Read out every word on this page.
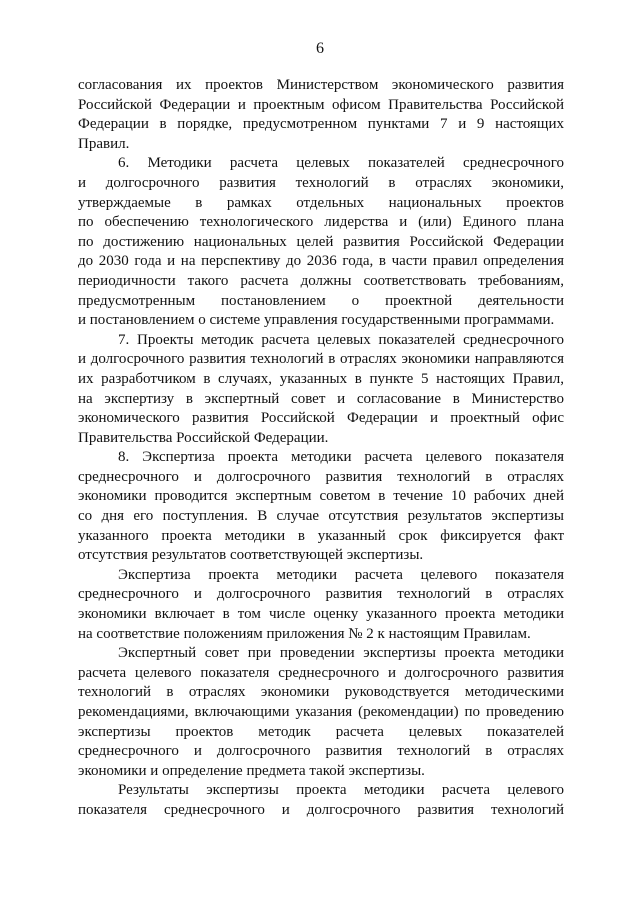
6
согласования их проектов Министерством экономического развития
Российской Федерации и проектным офисом Правительства Российской
Федерации в порядке, предусмотренном пунктами 7 и 9 настоящих
Правил.
6. Методики расчета целевых показателей среднесрочного
и долгосрочного развития технологий в отраслях экономики,
утверждаемые в рамках отдельных национальных проектов
по обеспечению технологического лидерства и (или) Единого плана
по достижению национальных целей развития Российской Федерации
до 2030 года и на перспективу до 2036 года, в части правил определения
периодичности такого расчета должны соответствовать требованиям,
предусмотренным постановлением о проектной деятельности
и постановлением о системе управления государственными программами.
7. Проекты методик расчета целевых показателей среднесрочного
и долгосрочного развития технологий в отраслях экономики направляются
их разработчиком в случаях, указанных в пункте 5 настоящих Правил,
на экспертизу в экспертный совет и согласование в Министерство
экономического развития Российской Федерации и проектный офис
Правительства Российской Федерации.
8. Экспертиза проекта методики расчета целевого показателя
среднесрочного и долгосрочного развития технологий в отраслях
экономики проводится экспертным советом в течение 10 рабочих дней
со дня его поступления. В случае отсутствия результатов экспертизы
указанного проекта методики в указанный срок фиксируется факт
отсутствия результатов соответствующей экспертизы.
Экспертиза проекта методики расчета целевого показателя
среднесрочного и долгосрочного развития технологий в отраслях
экономики включает в том числе оценку указанного проекта методики
на соответствие положениям приложения № 2 к настоящим Правилам.
Экспертный совет при проведении экспертизы проекта методики
расчета целевого показателя среднесрочного и долгосрочного развития
технологий в отраслях экономики руководствуется методическими
рекомендациями, включающими указания (рекомендации) по проведению
экспертизы проектов методик расчета целевых показателей
среднесрочного и долгосрочного развития технологий в отраслях
экономики и определение предмета такой экспертизы.
Результаты экспертизы проекта методики расчета целевого
показателя среднесрочного и долгосрочного развития технологий
